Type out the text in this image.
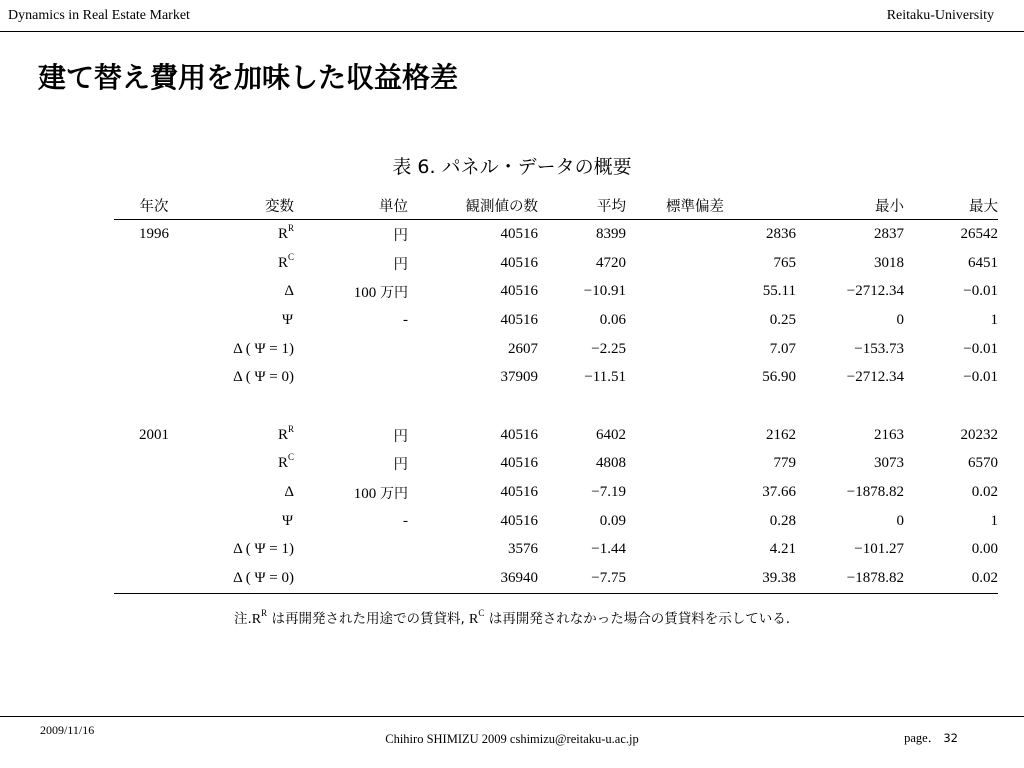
Dynamics in Real Estate Market	Reitaku-University
建て替え費用を加味した収益格差
表 6. パネル・データの概要
年次	変数	単位	観測値の数	平均	標準偏差	最小	最大
1996	$R^R$	円	40516	8399	2836	2837	26542
	$R^C$	円	40516	4720	765	3018	6451
	Δ	100 万円	40516	−10.91	55.11	−2712.34	−0.01
	Ψ	-	40516	0.06	0.25	0	1
	Δ ( Ψ = 1)		2607	−2.25	7.07	−153.73	−0.01
	Δ ( Ψ = 0)		37909	−11.51	56.90	−2712.34	−0.01

2001	$R^R$	円	40516	6402	2162	2163	20232
	$R^C$	円	40516	4808	779	3073	6570
	Δ	100 万円	40516	−7.19	37.66	−1878.82	0.02
	Ψ	-	40516	0.09	0.28	0	1
	Δ ( Ψ = 1)		3576	−1.44	4.21	−101.27	0.00
	Δ ( Ψ = 0)		36940	−7.75	39.38	−1878.82	0.02
注$.R^R$ は再開発された用途での賃貸料, $R^C$ は再開発されなかった場合の賃貸料を示している.
2009/11/16
Chihiro SHIMIZU 2009 cshimizu@reitaku-u.ac.jp	page． 32
